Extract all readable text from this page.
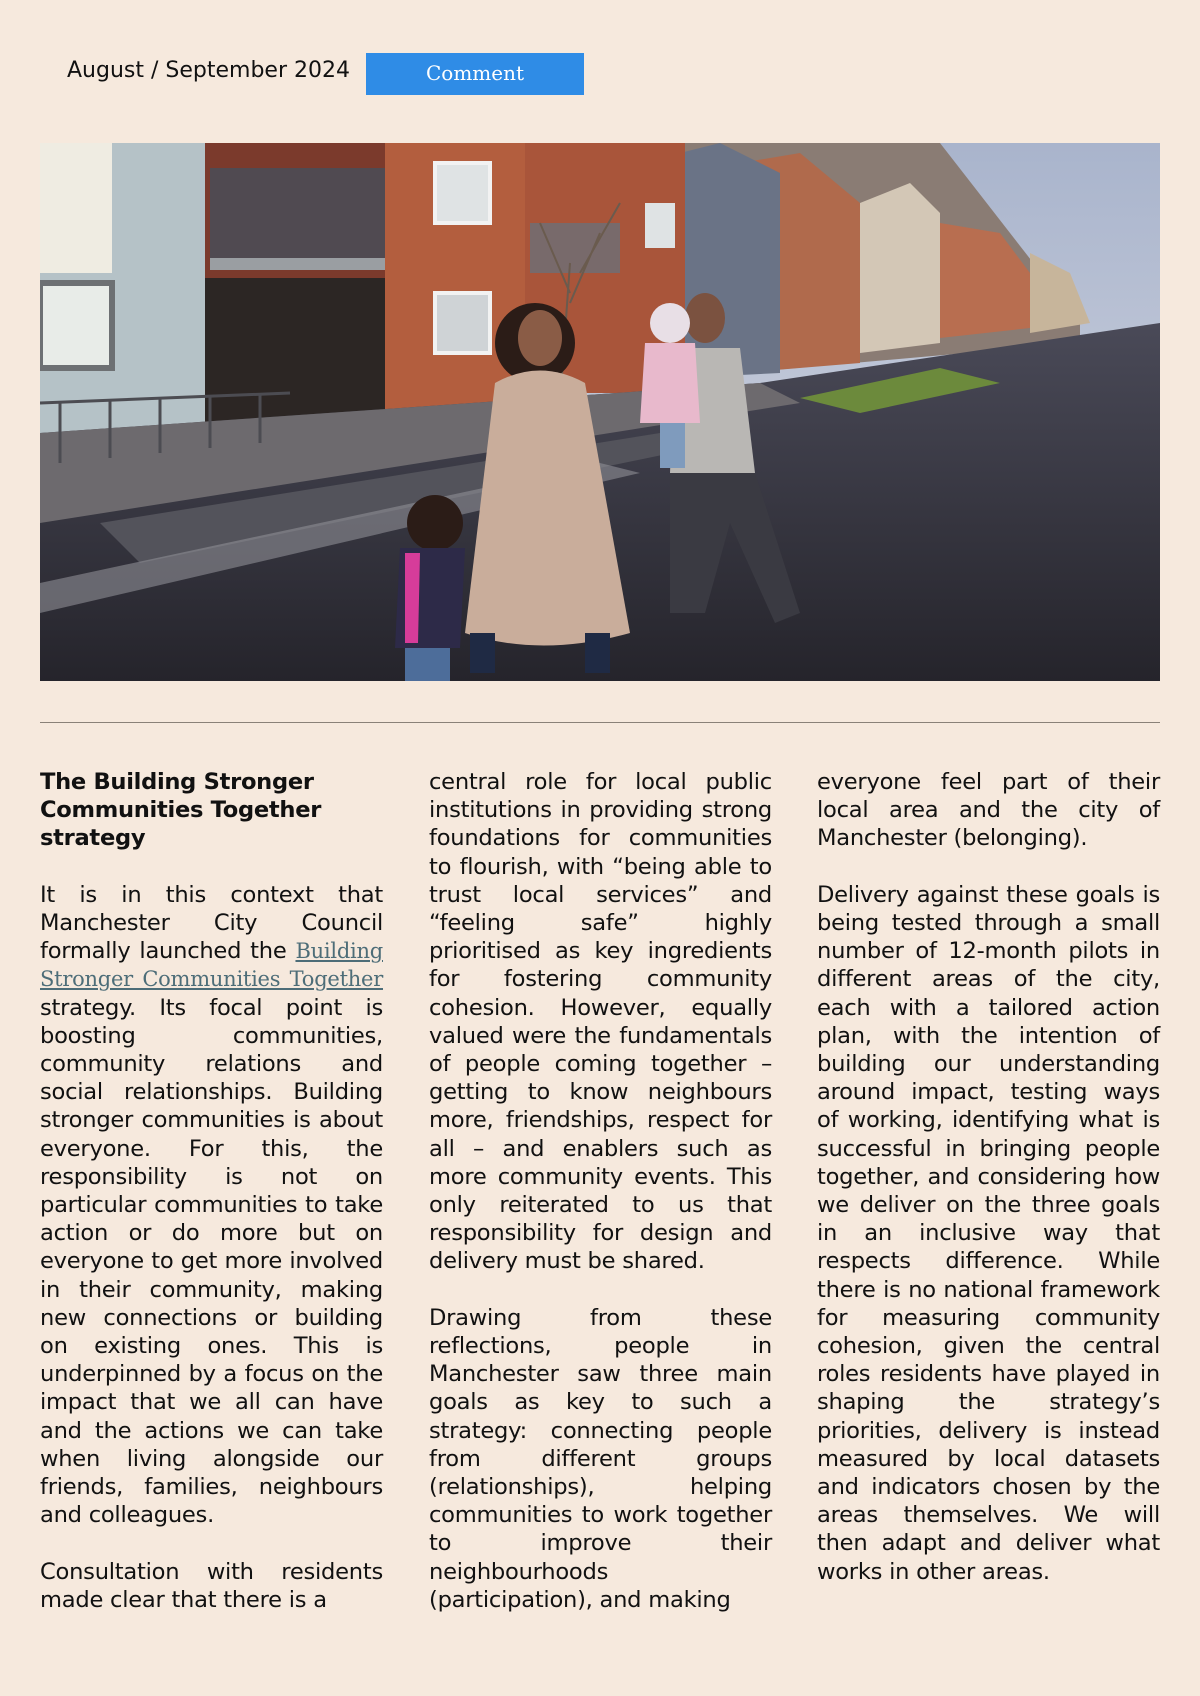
August / September 2024	Comment

The Building Stronger Communities Together strategy

It is in this context that Manchester City Council formally launched the Building Stronger Communities Together strategy. Its focal point is boosting communities, community relations and social relationships. Building stronger communities is about everyone. For this, the responsibility is not on particular communities to take action or do more but on everyone to get more involved in their community, making new connections or building on existing ones. This is underpinned by a focus on the impact that we all can have and the actions we can take when living alongside our friends, families, neighbours and colleagues.

Consultation with residents made clear that there is a

central role for local public institutions in providing strong foundations for communities to flourish, with “being able to trust local services” and “feeling safe” highly prioritised as key ingredients for fostering community cohesion. However, equally valued were the fundamentals of people coming together – getting to know neighbours more, friendships, respect for all – and enablers such as more community events. This only reiterated to us that responsibility for design and delivery must be shared.

Drawing from these reflections, people in Manchester saw three main goals as key to such a strategy: connecting people from different groups (relationships), helping communities to work together to improve their neighbourhoods (participation), and making

everyone feel part of their local area and the city of Manchester (belonging).

Delivery against these goals is being tested through a small number of 12-month pilots in different areas of the city, each with a tailored action plan, with the intention of building our understanding around impact, testing ways of working, identifying what is successful in bringing people together, and considering how we deliver on the three goals in an inclusive way that respects difference. While there is no national framework for measuring community cohesion, given the central roles residents have played in shaping the strategy’s priorities, delivery is instead measured by local datasets and indicators chosen by the areas themselves. We will then adapt and deliver what works in other areas.
